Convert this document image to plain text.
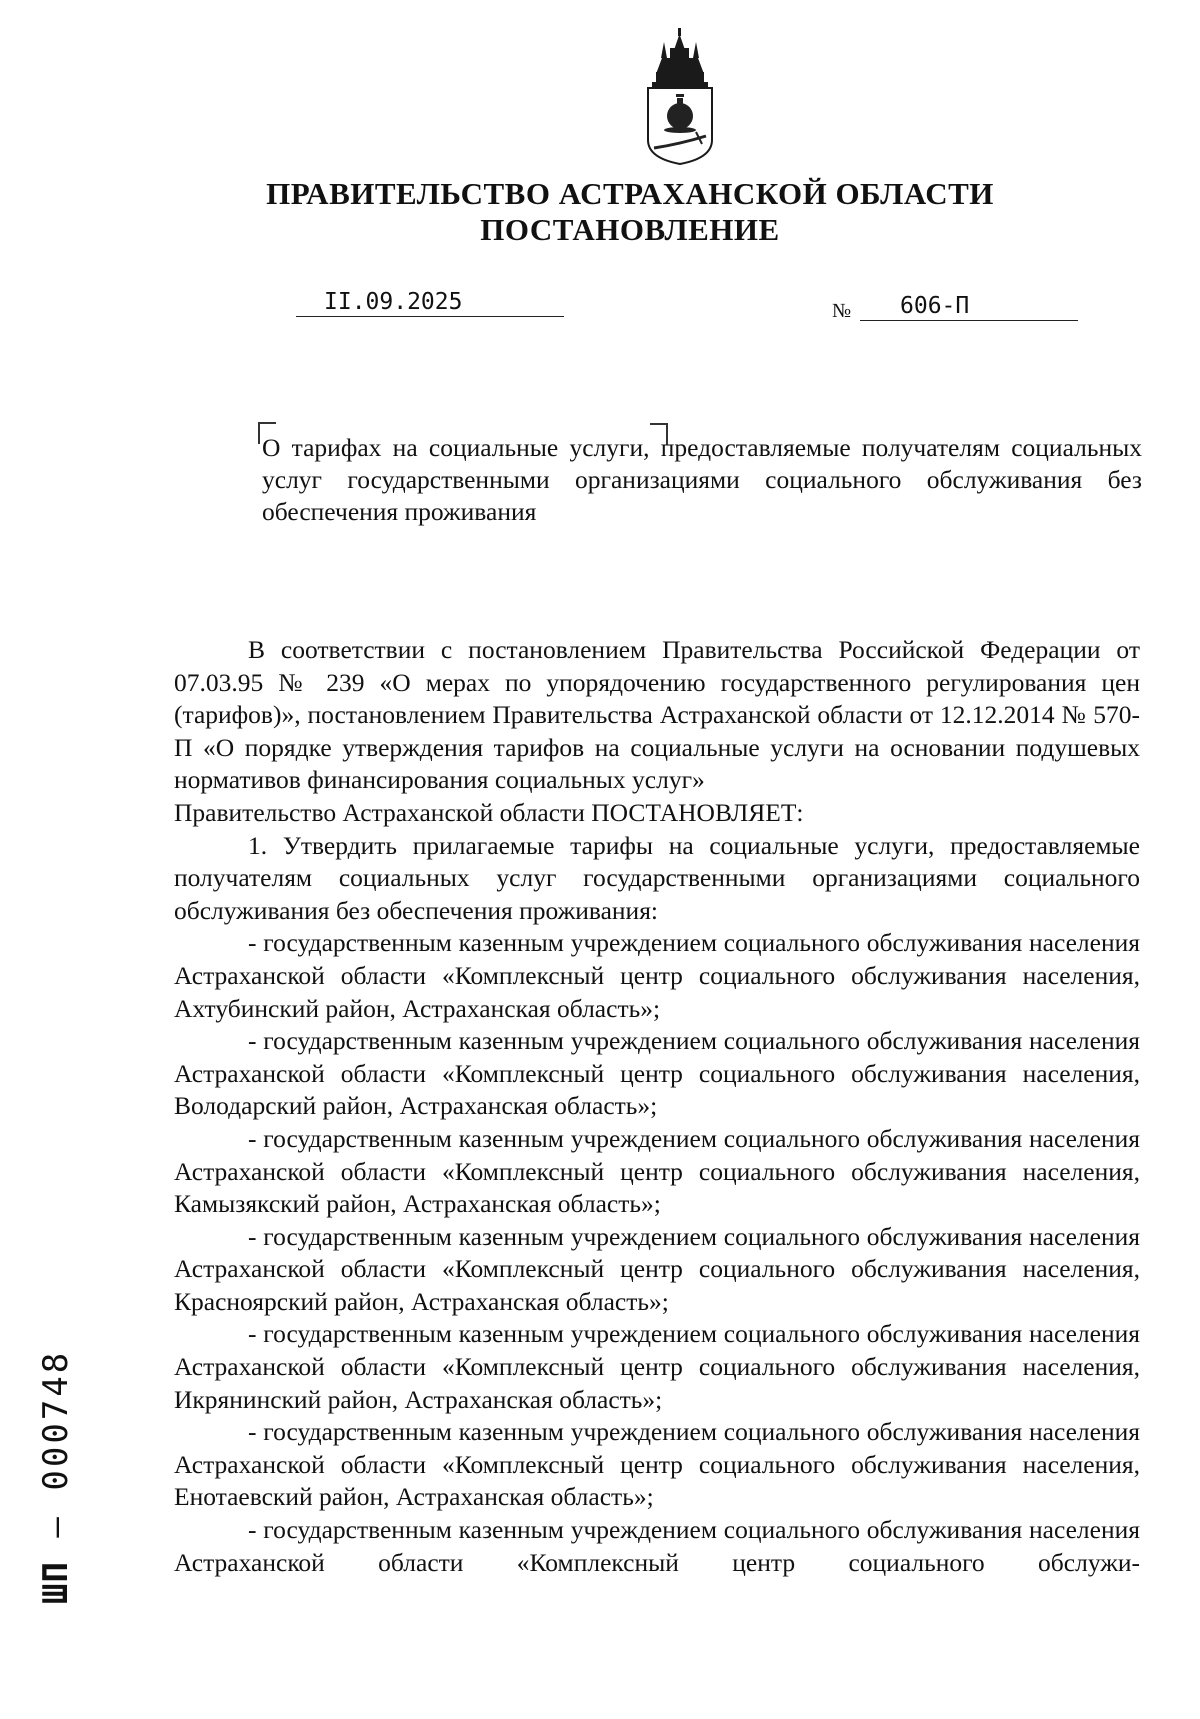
ПРАВИТЕЛЬСТВО АСТРАХАНСКОЙ ОБЛАСТИ
ПОСТАНОВЛЕНИЕ
II.09.2025	№	606-П

О тарифах на социальные услуги, предоставляемые получателям социальных услуг государственными организациями социального обслуживания без обеспечения проживания

В соответствии с постановлением Правительства Российской Федерации от 07.03.95 № 239 «О мерах по упорядочению государственного регулирования цен (тарифов)», постановлением Правительства Астраханской области от 12.12.2014 № 570-П «О порядке утверждения тарифов на социальные услуги на основании подушевых нормативов финансирования социальных услуг»

Правительство Астраханской области ПОСТАНОВЛЯЕТ:

1. Утвердить прилагаемые тарифы на социальные услуги, предоставляемые получателям социальных услуг государственными организациями социального обслуживания без обеспечения проживания:

- государственным казенным учреждением социального обслуживания населения Астраханской области «Комплексный центр социального обслуживания населения, Ахтубинский район, Астраханская область»;

- государственным казенным учреждением социального обслуживания населения Астраханской области «Комплексный центр социального обслуживания населения, Володарский район, Астраханская область»;

- государственным казенным учреждением социального обслуживания населения Астраханской области «Комплексный центр социального обслуживания населения, Камызякский район, Астраханская область»;

- государственным казенным учреждением социального обслуживания населения Астраханской области «Комплексный центр социального обслуживания населения, Красноярский район, Астраханская область»;

- государственным казенным учреждением социального обслуживания населения Астраханской области «Комплексный центр социального обслуживания населения, Икрянинский район, Астраханская область»;

- государственным казенным учреждением социального обслуживания населения Астраханской области «Комплексный центр социального обслуживания населения, Енотаевский район, Астраханская область»;

- государственным казенным учреждением социального обслуживания населения Астраханской области «Комплексный центр социального обслужи-

ШП – 000748
